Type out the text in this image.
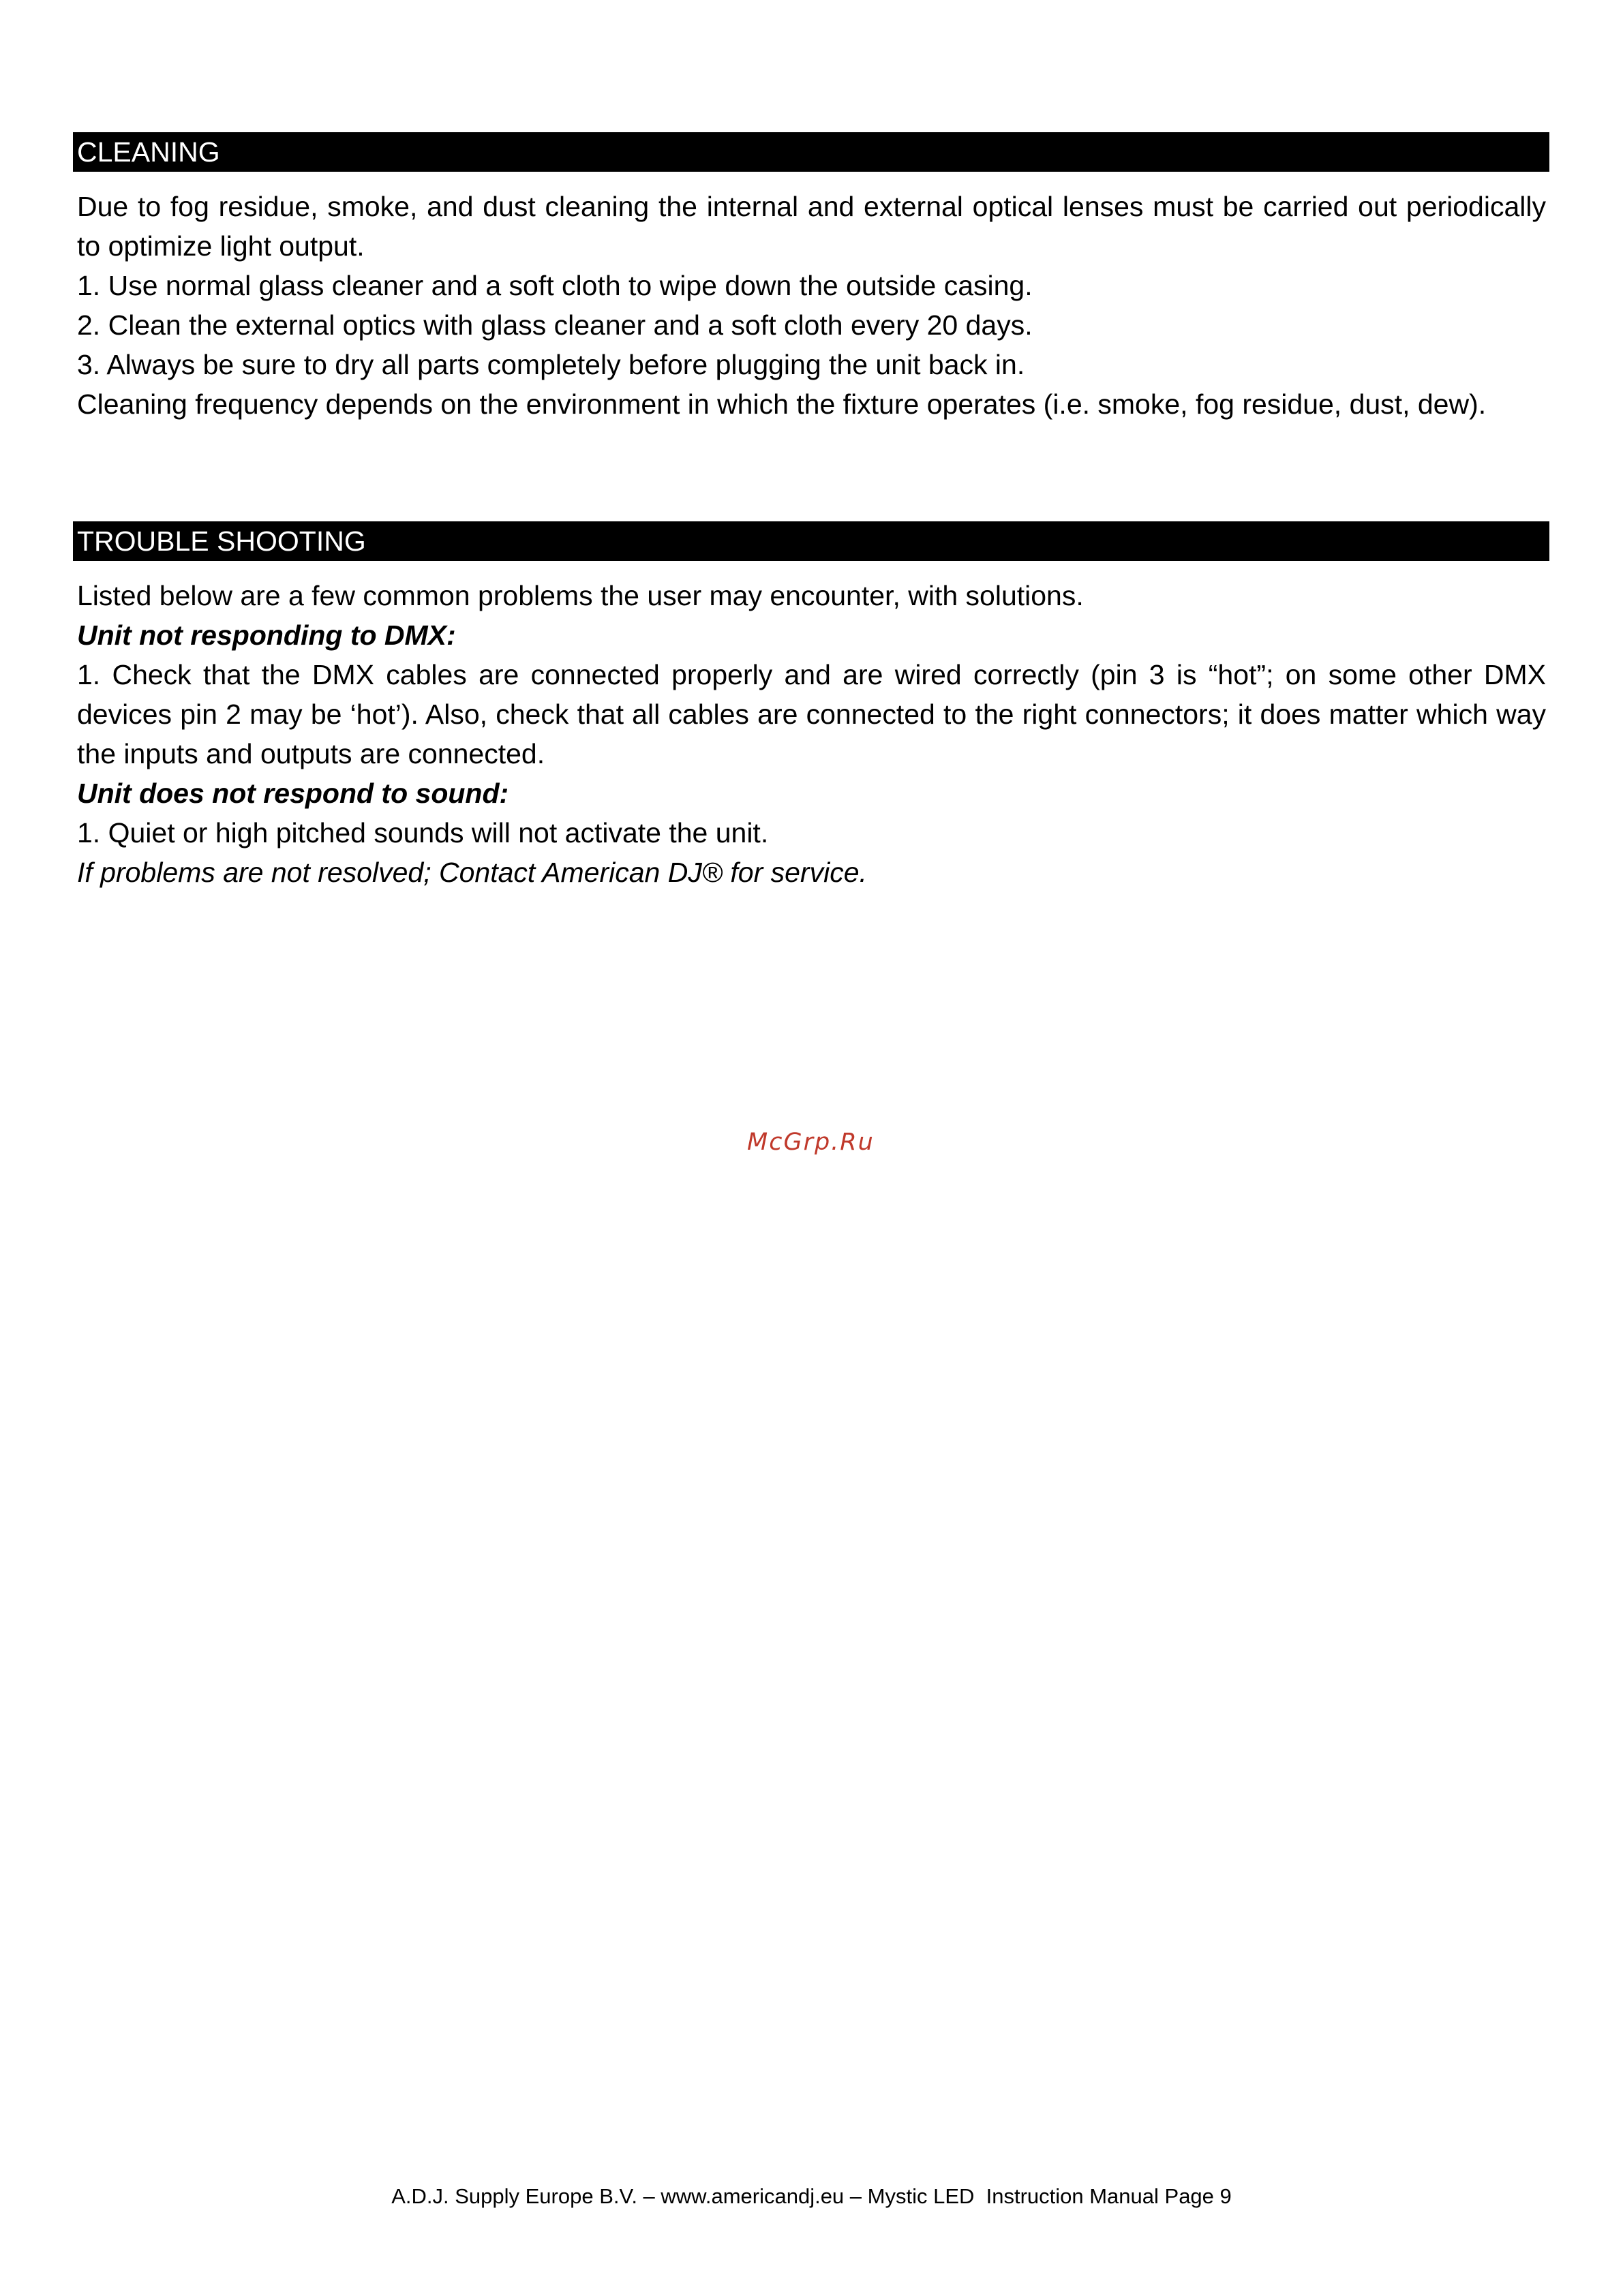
CLEANING

Due to fog residue, smoke, and dust cleaning the internal and external optical lenses must be carried out periodically to optimize light output.

1. Use normal glass cleaner and a soft cloth to wipe down the outside casing.

2. Clean the external optics with glass cleaner and a soft cloth every 20 days.

3. Always be sure to dry all parts completely before plugging the unit back in.

Cleaning frequency depends on the environment in which the fixture operates (i.e. smoke, fog residue, dust, dew).

TROUBLE SHOOTING

Listed below are a few common problems the user may encounter, with solutions.

Unit not responding to DMX:

1. Check that the DMX cables are connected properly and are wired correctly (pin 3 is “hot”; on some other DMX devices pin 2 may be ‘hot’). Also, check that all cables are connected to the right connectors; it does matter which way the inputs and outputs are connected.

Unit does not respond to sound:

1. Quiet or high pitched sounds will not activate the unit.

If problems are not resolved; Contact American DJ® for service.

McGrp.Ru
A.D.J. Supply Europe B.V. – www.americandj.eu – Mystic LED  Instruction Manual Page 9
